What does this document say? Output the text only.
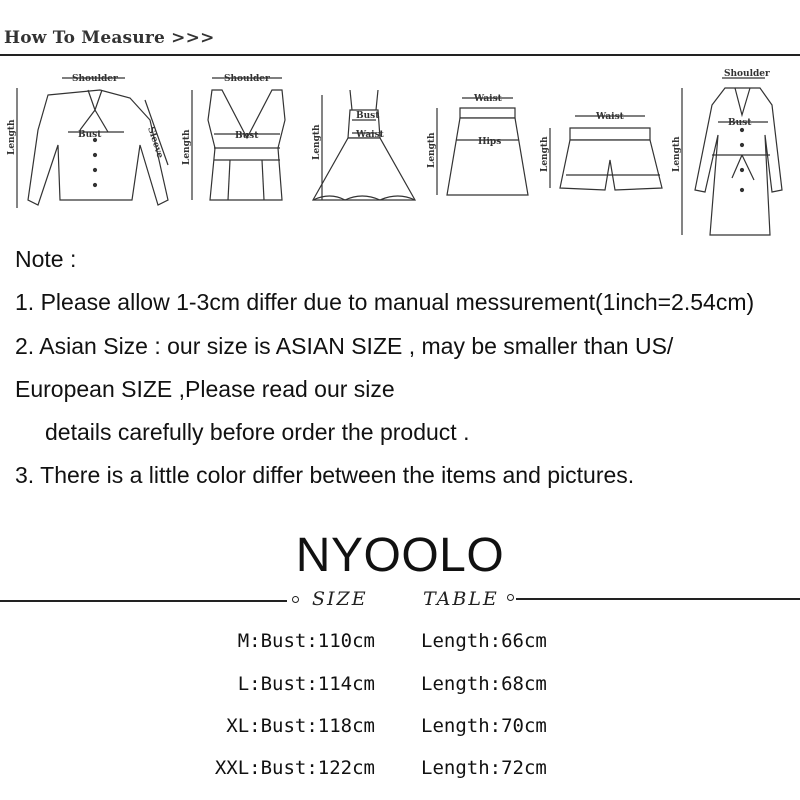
How To Measure >>>
Shoulder
Bust
Length	Sleeve
Shoulder
Bust
Length
Bust
Waist
Length
Waist
Hips
Length
Waist
Length
Shoulder
Bust
Length
Note :
1. Please allow 1-3cm differ due to manual messurement(1inch=2.54cm)
2. Asian Size : our size is ASIAN SIZE , may be smaller than US/
European SIZE ,Please read our size
details carefully before order the product .
3. There is a little color differ between the items and pictures.
NYOOLO
SIZE	TABLE
M:Bust:110cm Length:66cm
L:Bust:114cm Length:68cm
XL:Bust:118cm Length:70cm
XXL:Bust:122cm Length:72cm
